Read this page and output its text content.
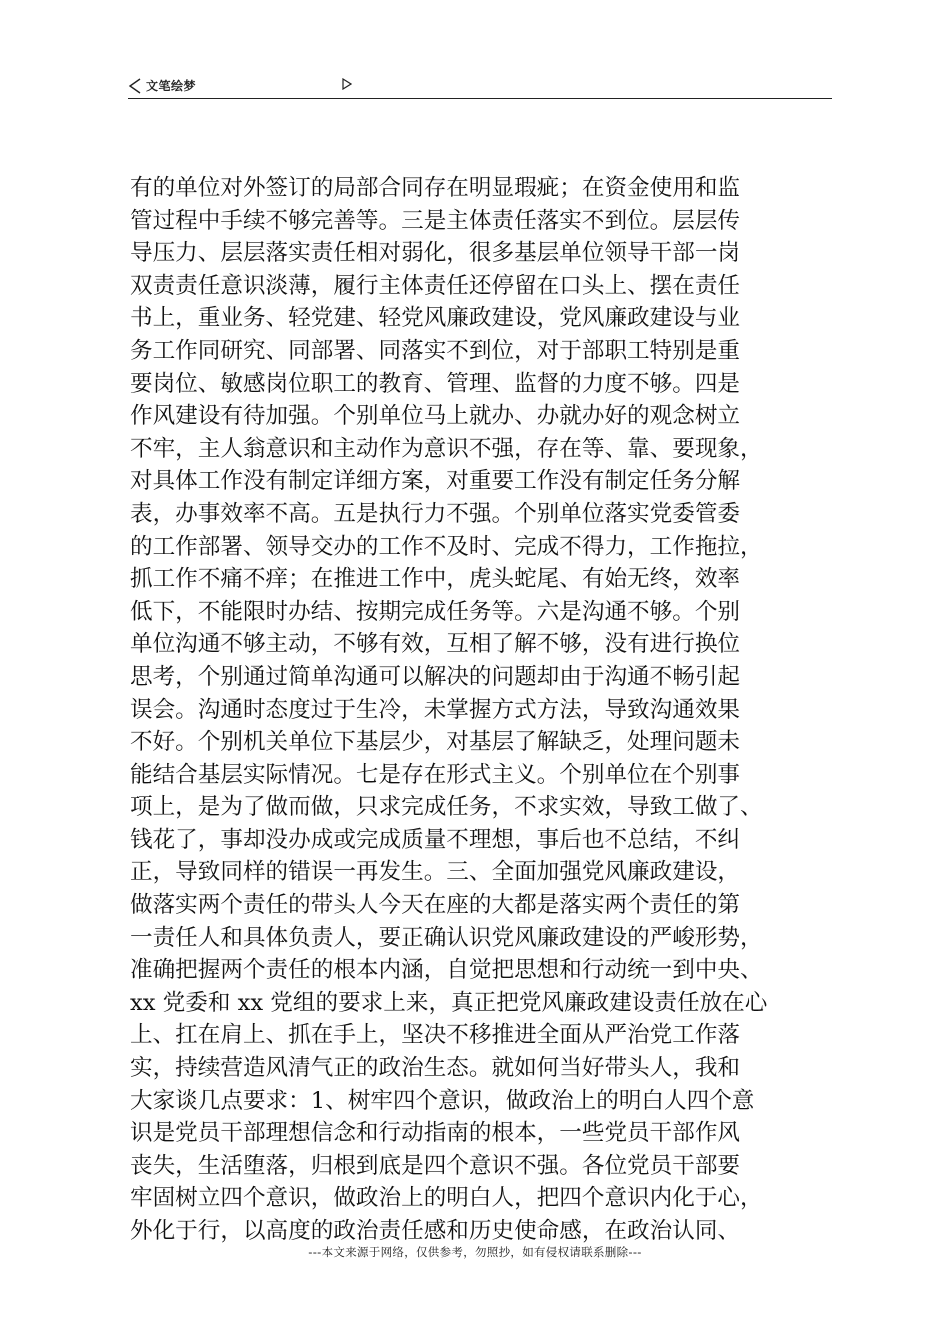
文笔绘梦
有的单位对外签订的局部合同存在明显瑕疵；在资金使用和监
管过程中手续不够完善等。三是主体责任落实不到位。层层传
导压力、层层落实责任相对弱化，很多基层单位领导干部一岗
双责责任意识淡薄，履行主体责任还停留在口头上、摆在责任
书上，重业务、轻党建、轻党风廉政建设，党风廉政建设与业
务工作同研究、同部署、同落实不到位，对于部职工特别是重
要岗位、敏感岗位职工的教育、管理、监督的力度不够。四是
作风建设有待加强。个别单位马上就办、办就办好的观念树立
不牢，主人翁意识和主动作为意识不强，存在等、靠、要现象，
对具体工作没有制定详细方案，对重要工作没有制定任务分解
表，办事效率不高。五是执行力不强。个别单位落实党委管委
的工作部署、领导交办的工作不及时、完成不得力，工作拖拉，
抓工作不痛不痒；在推进工作中，虎头蛇尾、有始无终，效率
低下，不能限时办结、按期完成任务等。六是沟通不够。个别
单位沟通不够主动，不够有效，互相了解不够，没有进行换位
思考，个别通过简单沟通可以解决的问题却由于沟通不畅引起
误会。沟通时态度过于生冷，未掌握方式方法，导致沟通效果
不好。个别机关单位下基层少，对基层了解缺乏，处理问题未
能结合基层实际情况。七是存在形式主义。个别单位在个别事
项上，是为了做而做，只求完成任务，不求实效，导致工做了、
钱花了，事却没办成或完成质量不理想，事后也不总结，不纠
正，导致同样的错误一再发生。三、全面加强党风廉政建设，
做落实两个责任的带头人今天在座的大都是落实两个责任的第
一责任人和具体负责人，要正确认识党风廉政建设的严峻形势，
准确把握两个责任的根本内涵，自觉把思想和行动统一到中央、
xx 党委和 xx 党组的要求上来，真正把党风廉政建设责任放在心
上、扛在肩上、抓在手上，坚决不移推进全面从严治党工作落
实，持续营造风清气正的政治生态。就如何当好带头人，我和
大家谈几点要求：1、树牢四个意识，做政治上的明白人四个意
识是党员干部理想信念和行动指南的根本，一些党员干部作风
丧失，生活堕落，归根到底是四个意识不强。各位党员干部要
牢固树立四个意识，做政治上的明白人，把四个意识内化于心，
外化于行，以高度的政治责任感和历史使命感，在政治认同、
---本文来源于网络，仅供参考，勿照抄，如有侵权请联系删除---
